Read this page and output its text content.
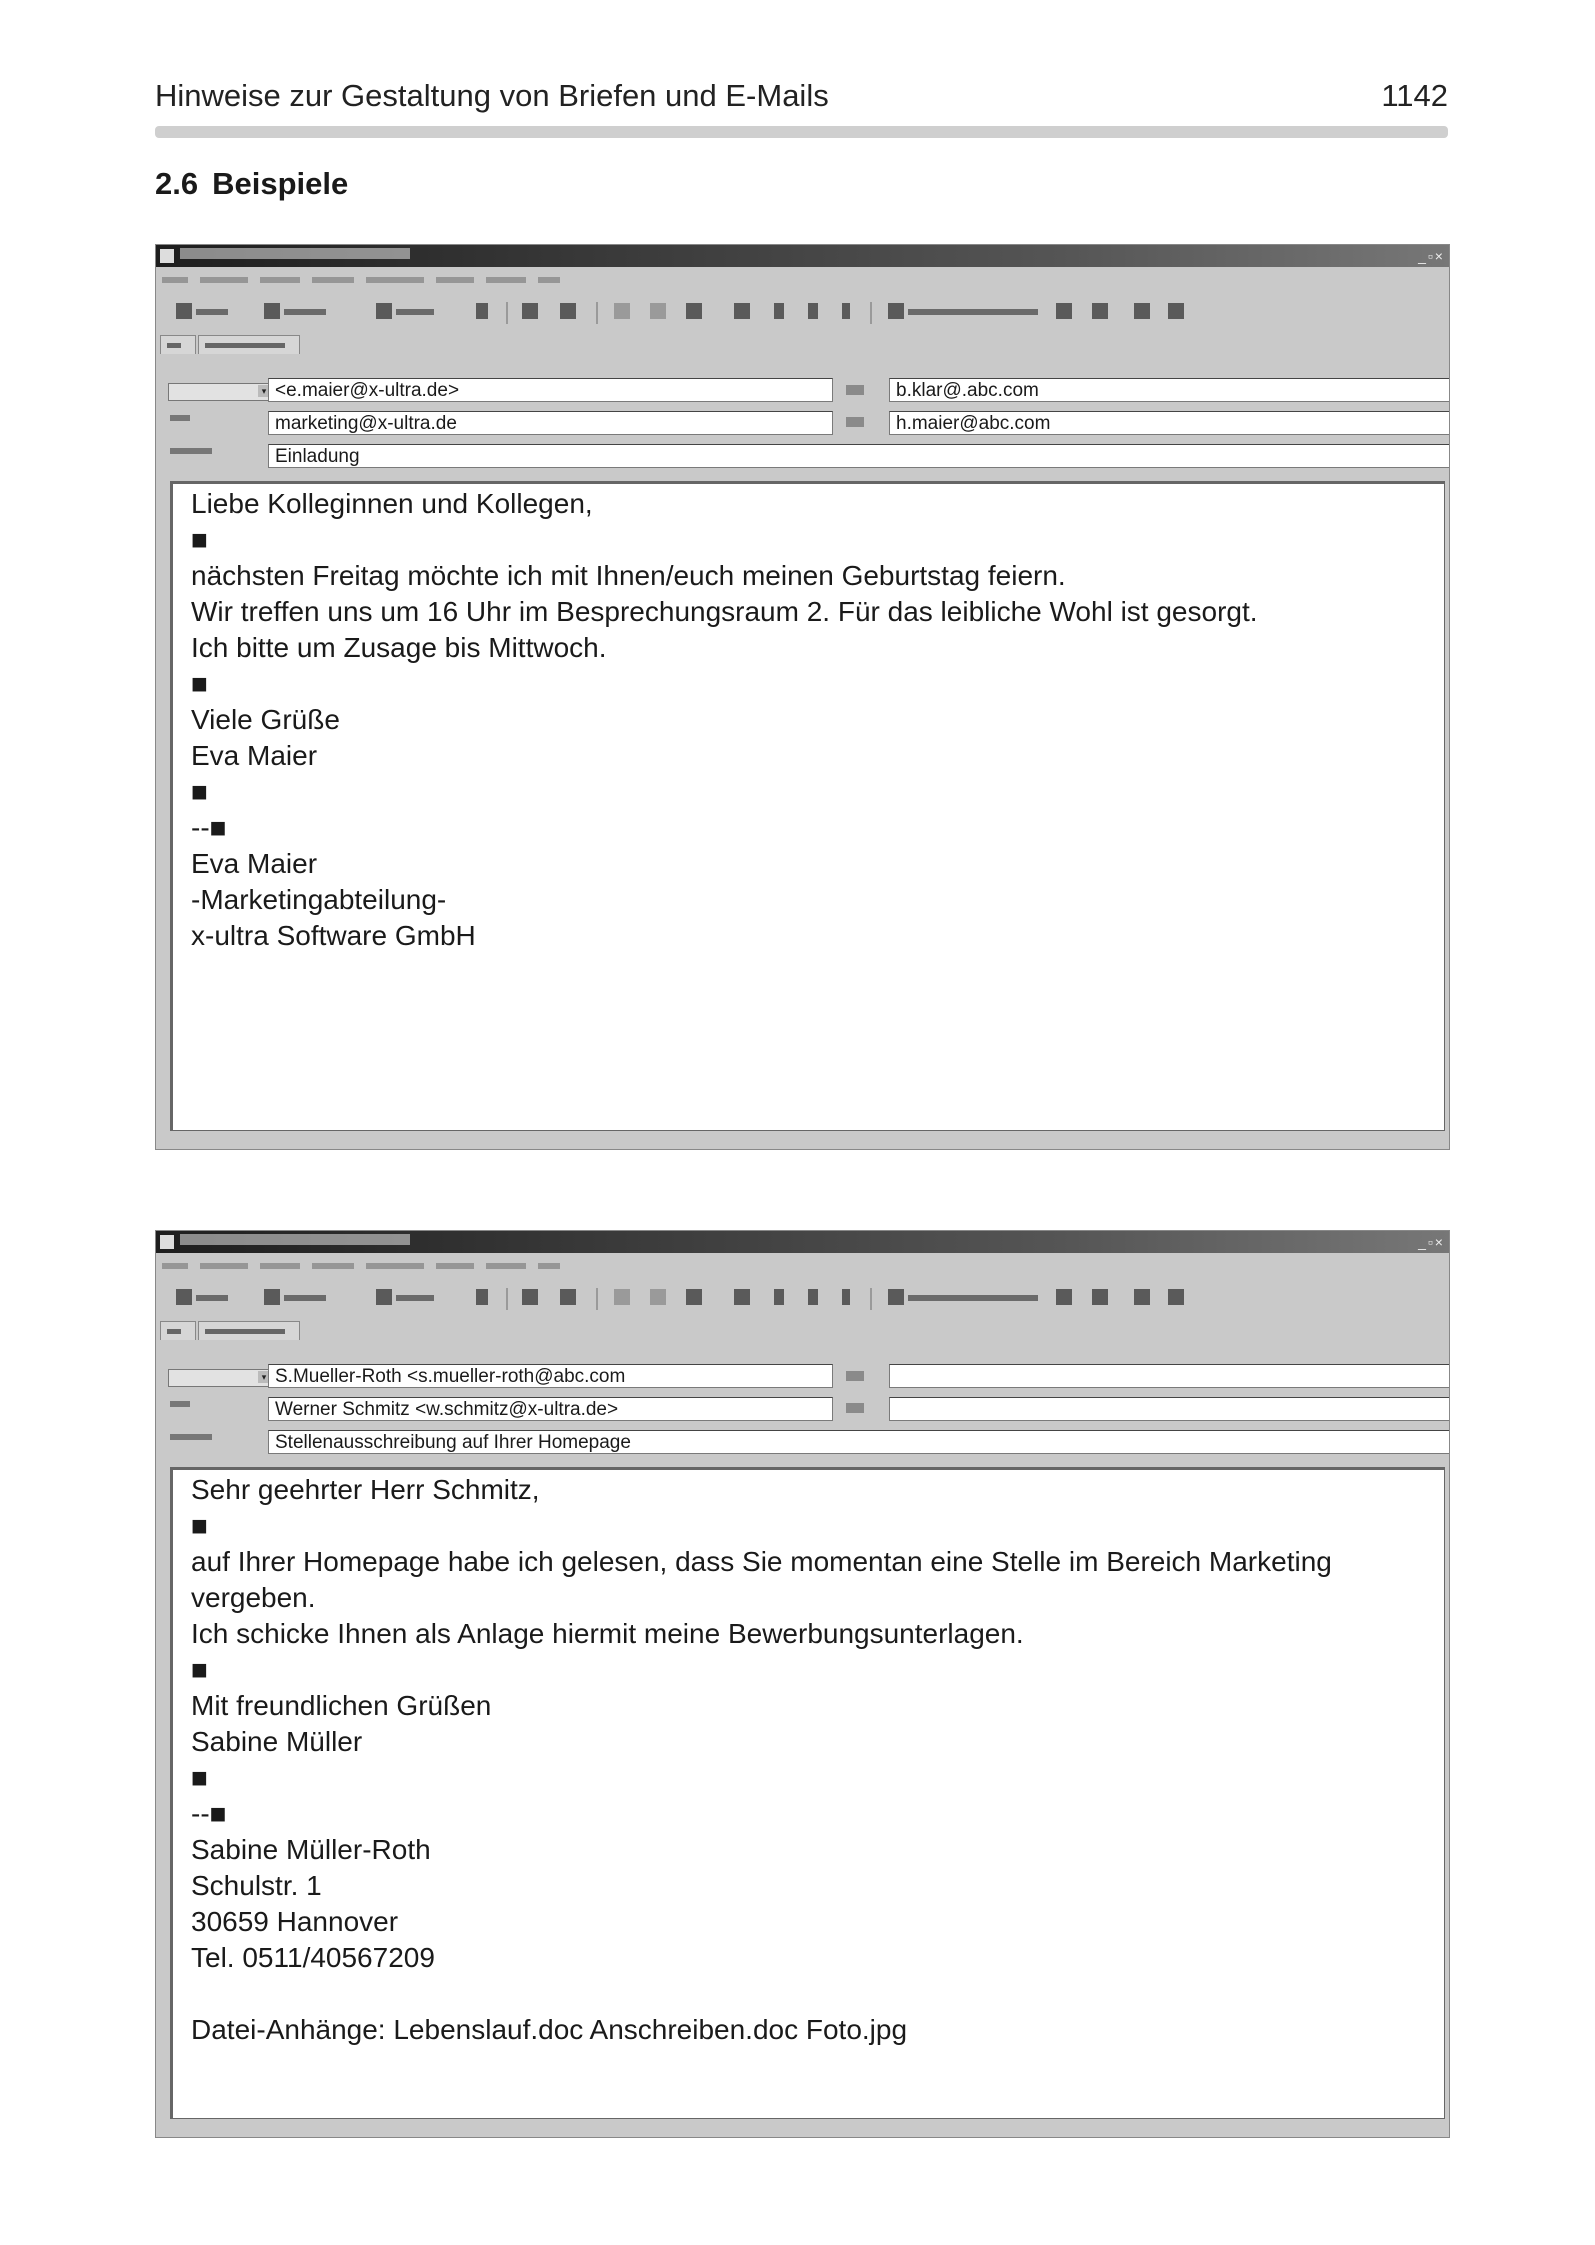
Hinweise zur Gestaltung von Briefen und E-Mails	1142
2.6 Beispiele
_▫×
▾ <e.maier@x-ultra.de>	b.klar@.abc.com
marketing@x-ultra.de	h.maier@abc.com
Einladung
Liebe Kolleginnen und Kollegen,
■
nächsten Freitag möchte ich mit Ihnen/euch meinen Geburtstag feiern.
Wir treffen uns um 16 Uhr im Besprechungsraum 2. Für das leibliche Wohl ist gesorgt.
Ich bitte um Zusage bis Mittwoch.
■
Viele Grüße
Eva Maier
■
--■
Eva Maier
-Marketingabteilung-
x-ultra Software GmbH
_▫×
▾ S.Mueller-Roth <s.mueller-roth@abc.com
Werner Schmitz <w.schmitz@x-ultra.de>
Stellenausschreibung auf Ihrer Homepage
Sehr geehrter Herr Schmitz,
■
auf Ihrer Homepage habe ich gelesen, dass Sie momentan eine Stelle im Bereich Marketing
vergeben.
Ich schicke Ihnen als Anlage hiermit meine Bewerbungsunterlagen.
■
Mit freundlichen Grüßen
Sabine Müller
■
--■
Sabine Müller-Roth
Schulstr. 1
30659 Hannover
Tel. 0511/40567209
Datei-Anhänge: Lebenslauf.doc Anschreiben.doc Foto.jpg
